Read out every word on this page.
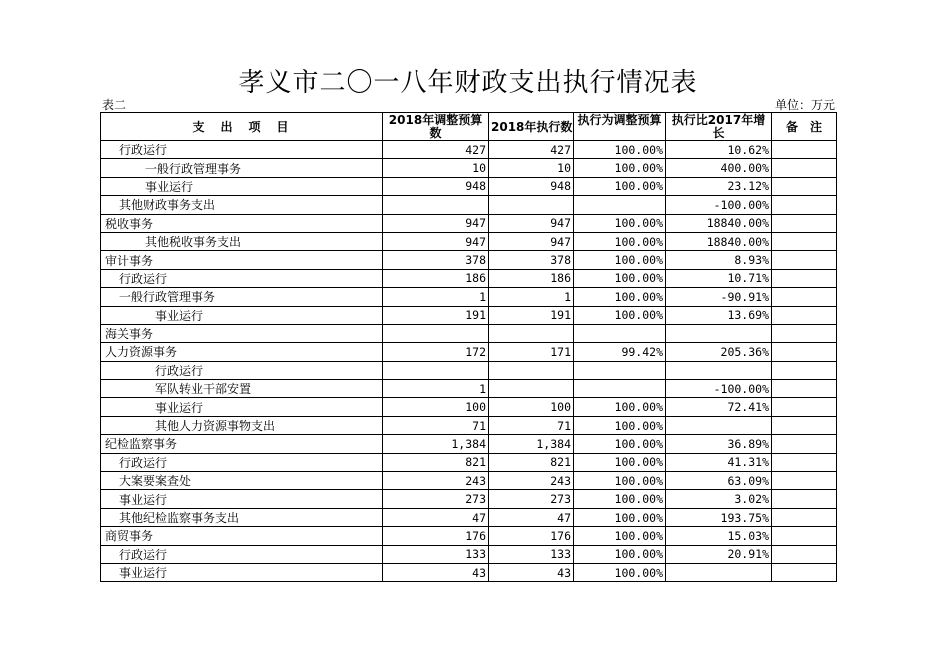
孝义市二〇一八年财政支出执行情况表
表二	单位：万元
支　出　项　目	2018年调整预算数	2018年执行数	执行为调整预算	执行比2017年增长	备　注
行政运行	427	427	100.00%	10.62%	
一般行政管理事务	10	10	100.00%	400.00%	
事业运行	948	948	100.00%	23.12%	
其他财政事务支出				-100.00%	
税收事务	947	947	100.00%	18840.00%	
其他税收事务支出	947	947	100.00%	18840.00%	
审计事务	378	378	100.00%	8.93%	
行政运行	186	186	100.00%	10.71%	
一般行政管理事务	1	1	100.00%	-90.91%	
事业运行	191	191	100.00%	13.69%	
海关事务					
人力资源事务	172	171	99.42%	205.36%	
行政运行					
军队转业干部安置	1			-100.00%	
事业运行	100	100	100.00%	72.41%	
其他人力资源事物支出	71	71	100.00%		
纪检监察事务	1,384	1,384	100.00%	36.89%	
行政运行	821	821	100.00%	41.31%	
大案要案查处	243	243	100.00%	63.09%	
事业运行	273	273	100.00%	3.02%	
其他纪检监察事务支出	47	47	100.00%	193.75%	
商贸事务	176	176	100.00%	15.03%	
行政运行	133	133	100.00%	20.91%	
事业运行	43	43	100.00%		
